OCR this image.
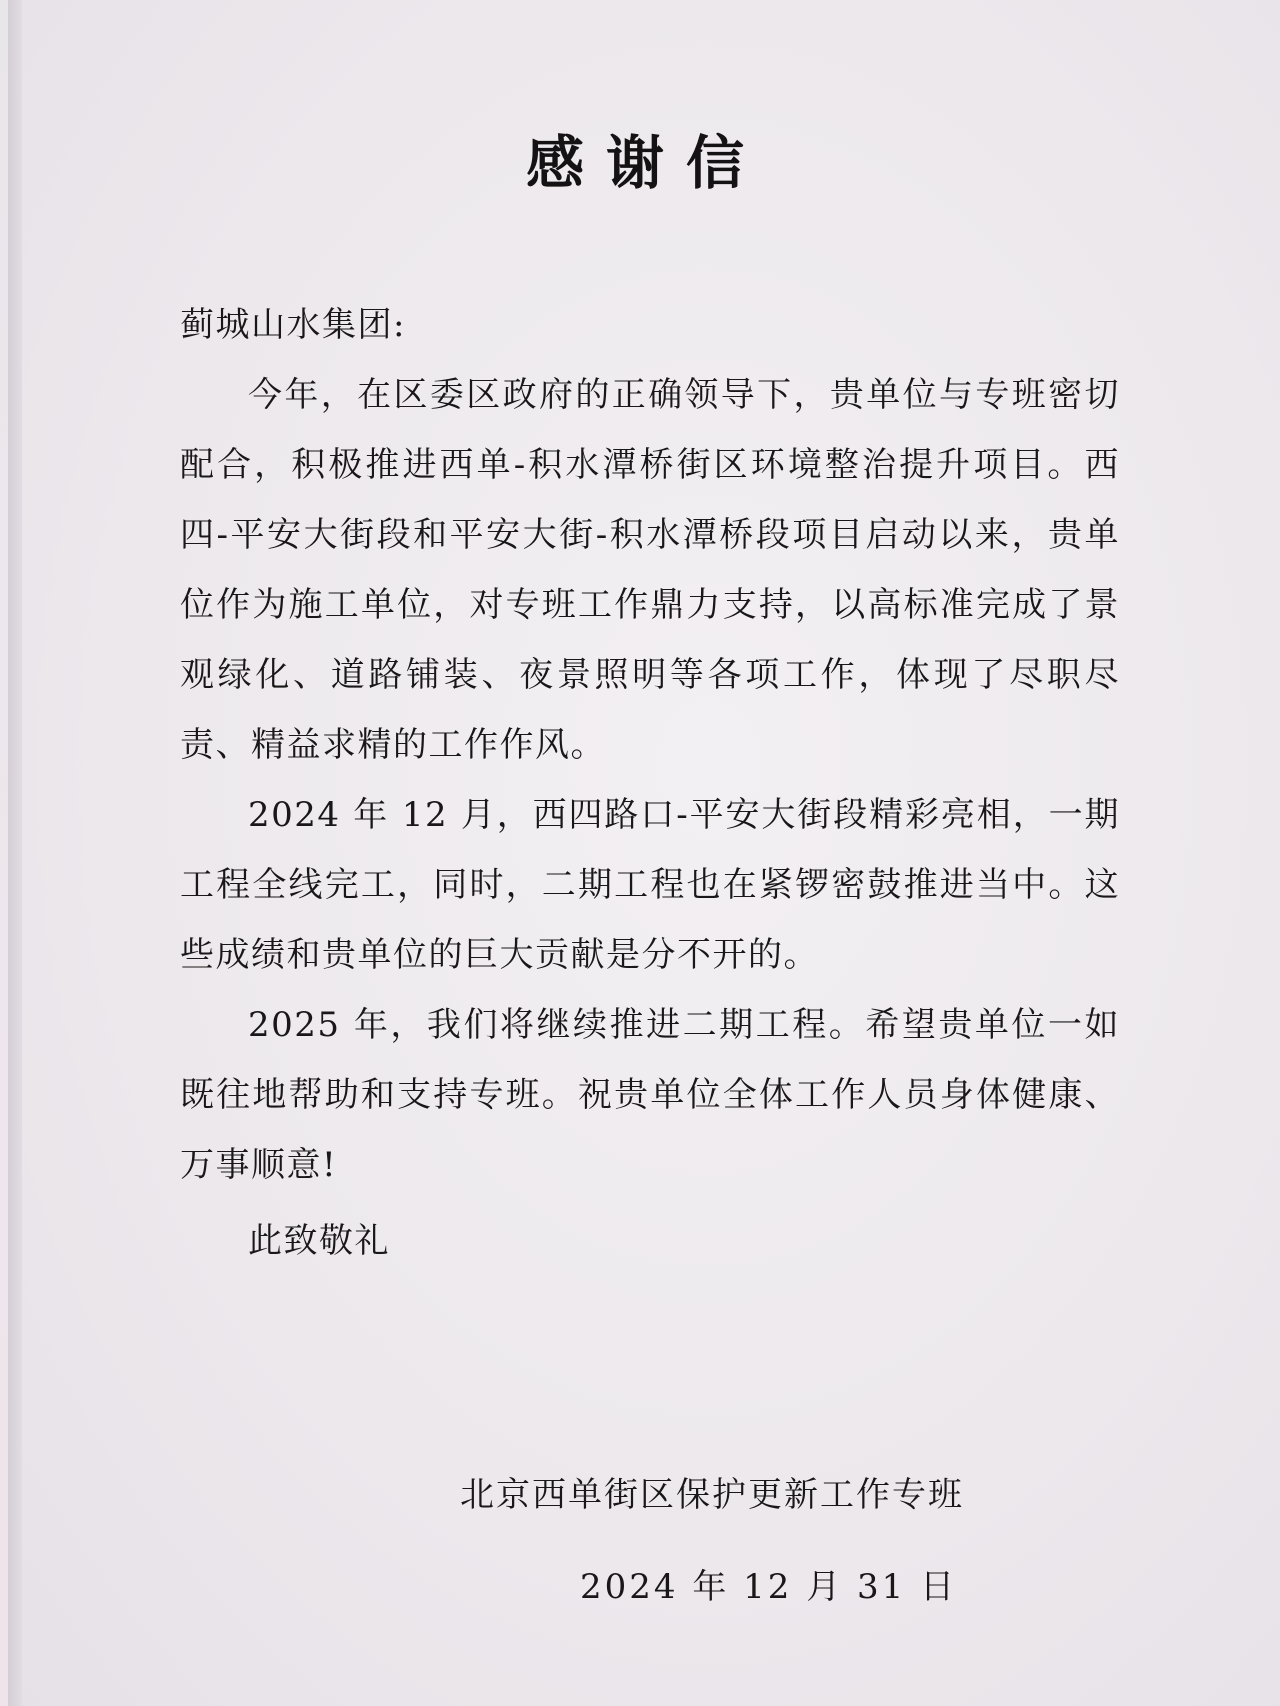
感谢信

蓟城山水集团:

今年，在区委区政府的正确领导下，贵单位与专班密切配合，积极推进西单-积水潭桥街区环境整治提升项目。西四-平安大街段和平安大街-积水潭桥段项目启动以来，贵单位作为施工单位，对专班工作鼎力支持，以高标准完成了景观绿化、道路铺装、夜景照明等各项工作，体现了尽职尽责、精益求精的工作作风。

2024 年 12 月，西四路口-平安大街段精彩亮相，一期工程全线完工，同时，二期工程也在紧锣密鼓推进当中。这些成绩和贵单位的巨大贡献是分不开的。

2025 年，我们将继续推进二期工程。希望贵单位一如既往地帮助和支持专班。祝贵单位全体工作人员身体健康、万事顺意!

此致敬礼

北京西单街区保护更新工作专班
2024 年 12 月 31 日
